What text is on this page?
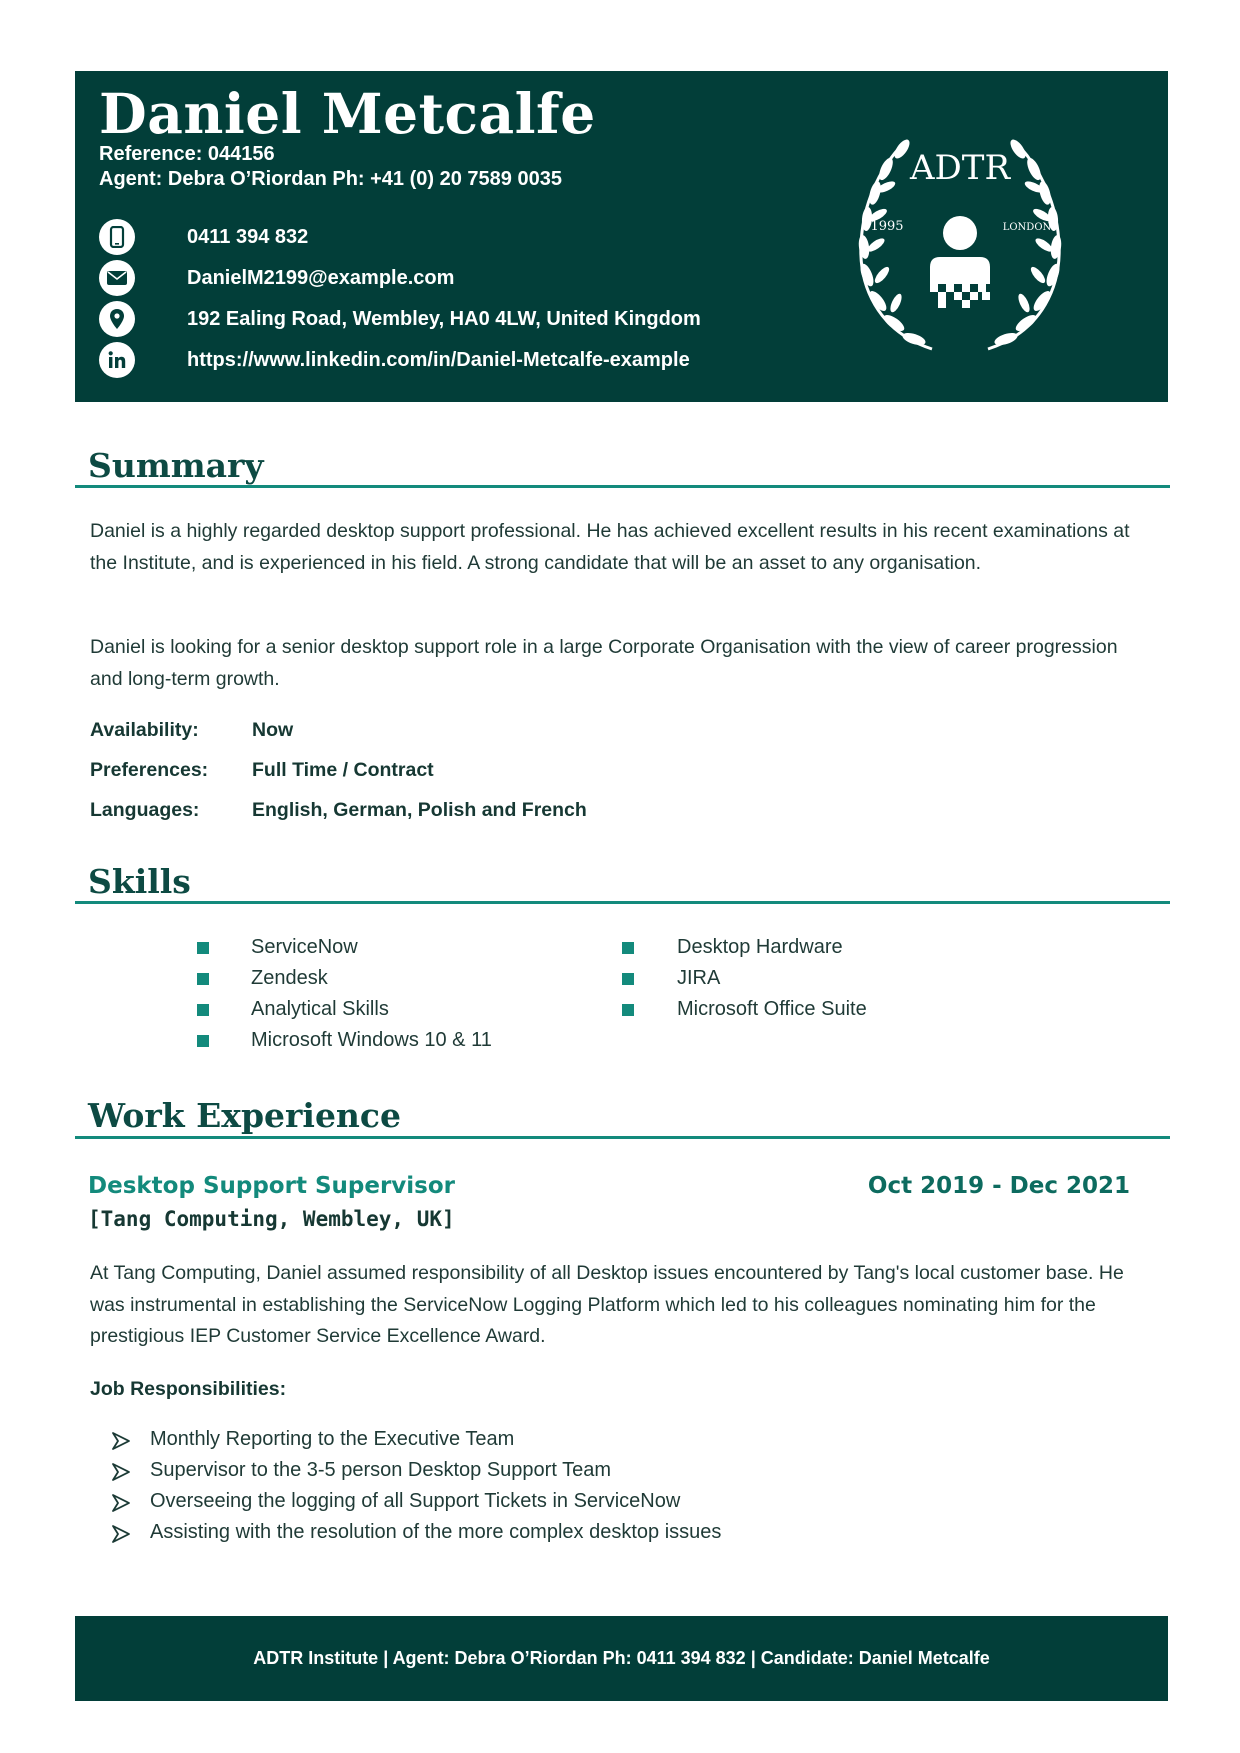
Daniel Metcalfe

Reference: 044156

Agent: Debra O’Riordan Ph: +41 (0) 20 7589 0035

0411 394 832
DanielM2199@example.com
192 Ealing Road, Wembley, HA0 4LW, United Kingdom
https://www.linkedin.com/in/Daniel-Metcalfe-example
ADTR
1995	LONDON
Summary

Daniel is a highly regarded desktop support professional. He has achieved excellent results in his recent examinations at the Institute, and is experienced in his field. A strong candidate that will be an asset to any organisation.

Daniel is looking for a senior desktop support role in a large Corporate Organisation with the view of career progression and long-term growth.

Availability:	Now
Preferences: Full Time / Contract
Languages:	English, German, Polish and French
Skills
ServiceNow
Zendesk
Analytical Skills
Microsoft Windows 10 & 11
Desktop Hardware
JIRA
Microsoft Office Suite
Work Experience

Desktop Support Supervisor	Oct 2019 - Dec 2021

[Tang Computing, Wembley, UK]

At Tang Computing, Daniel assumed responsibility of all Desktop issues encountered by Tang's local customer base. He was instrumental in establishing the ServiceNow Logging Platform which led to his colleagues nominating him for the prestigious IEP Customer Service Excellence Award.

Job Responsibilities:

Monthly Reporting to the Executive Team
Supervisor to the 3-5 person Desktop Support Team
Overseeing the logging of all Support Tickets in ServiceNow
Assisting with the resolution of the more complex desktop issues
ADTR Institute | Agent: Debra O’Riordan Ph: 0411 394 832 | Candidate: Daniel Metcalfe
